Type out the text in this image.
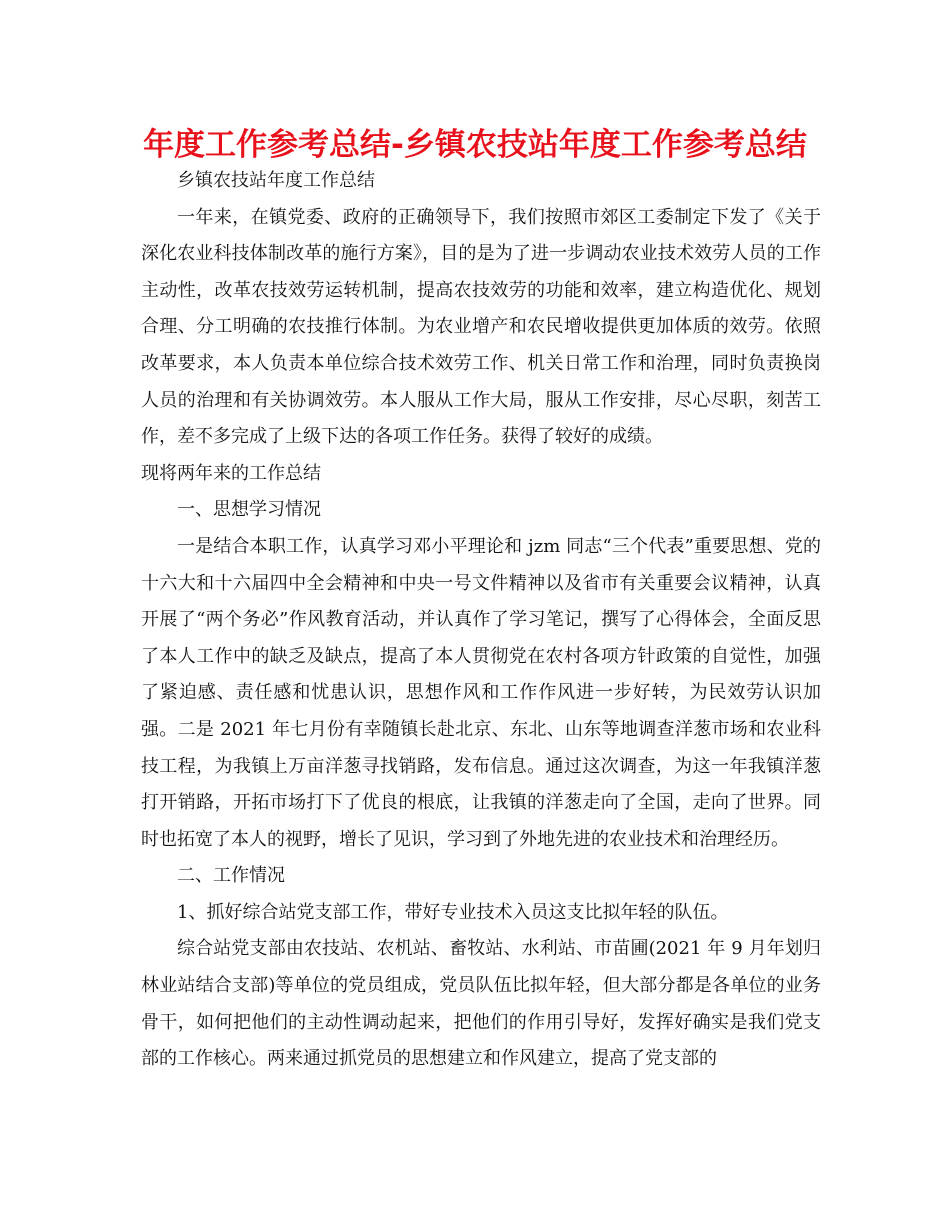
年度工作参考总结-乡镇农技站年度工作参考总结

乡镇农技站年度工作总结

一年来，在镇党委、政府的正确领导下，我们按照市郊区工委制定下发了《关于深化农业科技体制改革的施行方案》，目的是为了进一步调动农业技术效劳人员的工作主动性，改革农技效劳运转机制，提高农技效劳的功能和效率，建立构造优化、规划合理、分工明确的农技推行体制。为农业增产和农民增收提供更加体质的效劳。依照改革要求，本人负责本单位综合技术效劳工作、机关日常工作和治理，同时负责换岗人员的治理和有关协调效劳。本人服从工作大局，服从工作安排，尽心尽职，刻苦工作，差不多完成了上级下达的各项工作任务。获得了较好的成绩。

现将两年来的工作总结

一、思想学习情况

一是结合本职工作，认真学习邓小平理论和 jzm 同志“三个代表”重要思想、党的十六大和十六届四中全会精神和中央一号文件精神以及省市有关重要会议精神，认真开展了“两个务必”作风教育活动，并认真作了学习笔记，撰写了心得体会，全面反思了本人工作中的缺乏及缺点，提高了本人贯彻党在农村各项方针政策的自觉性，加强了紧迫感、责任感和忧患认识，思想作风和工作作风进一步好转，为民效劳认识加强。二是 2021 年七月份有幸随镇长赴北京、东北、山东等地调查洋葱市场和农业科技工程，为我镇上万亩洋葱寻找销路，发布信息。通过这次调查，为这一年我镇洋葱打开销路，开拓市场打下了优良的根底，让我镇的洋葱走向了全国，走向了世界。同时也拓宽了本人的视野，增长了见识，学习到了外地先进的农业技术和治理经历。

二、工作情况

1、抓好综合站党支部工作，带好专业技术入员这支比拟年轻的队伍。

综合站党支部由农技站、农机站、畜牧站、水利站、市苗圃(2021 年 9 月年划归林业站结合支部)等单位的党员组成，党员队伍比拟年轻，但大部分都是各单位的业务骨干，如何把他们的主动性调动起来，把他们的作用引导好，发挥好确实是我们党支部的工作核心。两来通过抓党员的思想建立和作风建立，提高了党支部的
